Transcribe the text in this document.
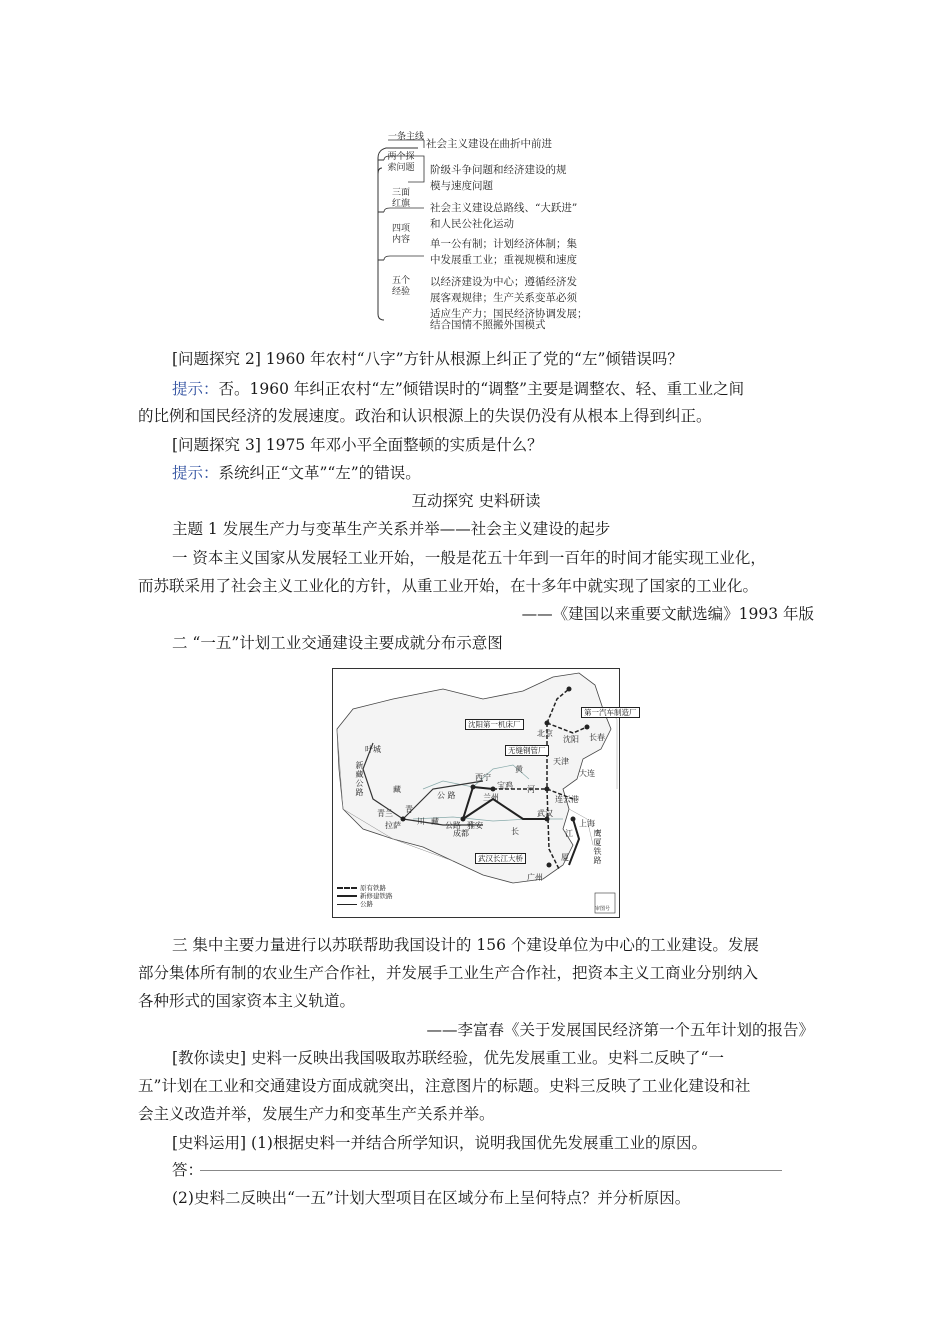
一条主线
两个探索问题
三面红旗
四项内容
五个经验
社会主义建设在曲折中前进
阶级斗争问题和经济建设的规
模与速度问题
社会主义建设总路线、“大跃进”
和人民公社化运动
单一公有制；计划经济体制；集
中发展重工业；重视规模和速度
以经济建设为中心；遵循经济发
展客观规律；生产关系变革必须
适应生产力；国民经济协调发展；
结合国情不照搬外国模式
[问题探究 2] 1960 年农村“八字”方针从根源上纠正了党的“左”倾错误吗？
提示：否。1960 年纠正农村“左”倾错误时的“调整”主要是调整农、轻、重工业之间
的比例和国民经济的发展速度。政治和认识根源上的失误仍没有从根本上得到纠正。
[问题探究 3] 1975 年邓小平全面整顿的实质是什么？
提示：系统纠正“文革”“左”的错误。
互动探究 史料研读
主题 1 发展生产力与变革生产关系并举——社会主义建设的起步
一 资本主义国家从发展轻工业开始，一般是花五十年到一百年的时间才能实现工业化，
而苏联采用了社会主义工业化的方针，从重工业开始，在十多年中就实现了国家的工业化。
——《建国以来重要文献选编》1993 年版
二 “一五”计划工业交通建设主要成就分布示意图
第一汽车制造厂
沈阳第一机床厂
无缝钢管厂
武汉长江大桥
叶城
新藏公路
拉萨
藏
青
川 藏
公 路
公路
西宁
兰州
宝鸡
雅安
成都
黄
河
北京
天津
沈阳 长春
大连
连云港
武汉
上海
长	江
广州
厦
青兰
鹰厦铁路
审图号
原有铁路
新修建铁路
公路
三 集中主要力量进行以苏联帮助我国设计的 156 个建设单位为中心的工业建设。发展
部分集体所有制的农业生产合作社，并发展手工业生产合作社，把资本主义工商业分别纳入
各种形式的国家资本主义轨道。
——李富春《关于发展国民经济第一个五年计划的报告》
[教你读史] 史料一反映出我国吸取苏联经验，优先发展重工业。史料二反映了“一
五”计划在工业和交通建设方面成就突出，注意图片的标题。史料三反映了工业化建设和社
会主义改造并举，发展生产力和变革生产关系并举。
[史料运用] (1)根据史料一并结合所学知识，说明我国优先发展重工业的原因。
答：
(2)史料二反映出“一五”计划大型项目在区域分布上呈何特点？并分析原因。
